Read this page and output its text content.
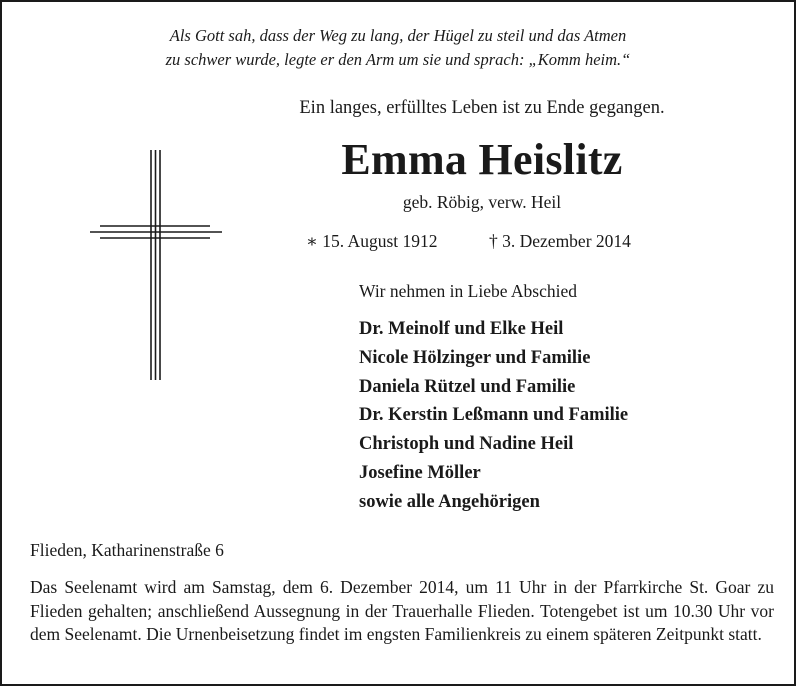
Als Gott sah, dass der Weg zu lang, der Hügel zu steil und das Atmen
zu schwer wurde, legte er den Arm um sie und sprach: „Komm heim.“
Ein langes, erfülltes Leben ist zu Ende gegangen.
Emma Heislitz
geb. Röbig, verw. Heil
∗ 15. August 1912	† 3. Dezember 2014
Wir nehmen in Liebe Abschied
Dr. Meinolf und Elke Heil
Nicole Hölzinger und Familie
Daniela Rützel und Familie
Dr. Kerstin Leßmann und Familie
Christoph und Nadine Heil
Josefine Möller
sowie alle Angehörigen
Flieden, Katharinenstraße 6

Das Seelenamt wird am Samstag, dem 6. Dezember 2014, um 11 Uhr in der Pfarrkirche St. Goar zu Flieden gehalten; anschließend Aussegnung in der Trauerhalle Flieden. Totengebet ist um 10.30 Uhr vor dem Seelenamt. Die Urnenbeisetzung findet im engsten Familienkreis zu einem späteren Zeitpunkt statt.
